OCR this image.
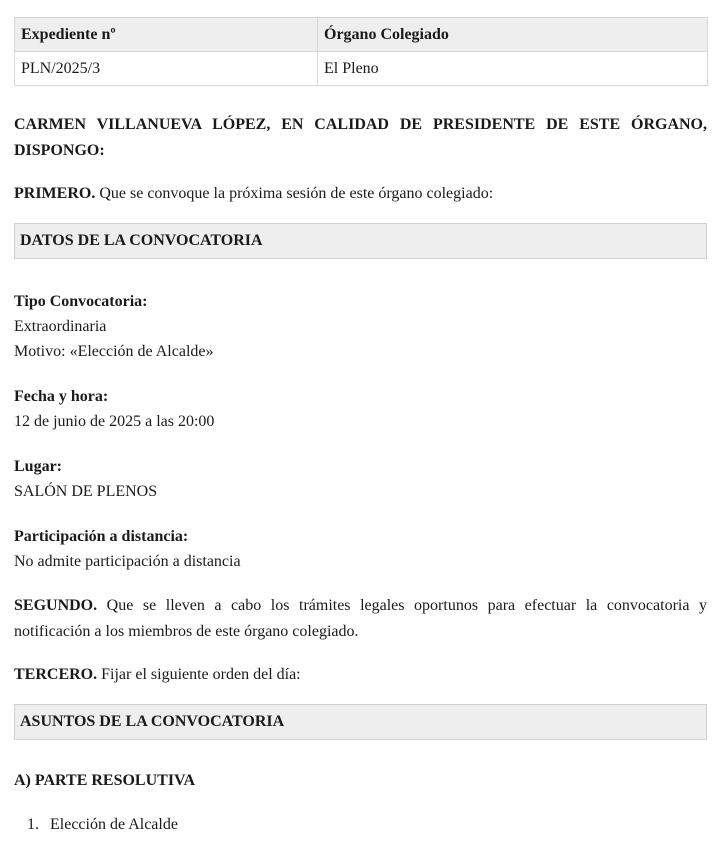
Expediente nº	Órgano Colegiado
PLN/2025/3	El Pleno

CARMEN VILLANUEVA LÓPEZ, EN CALIDAD DE PRESIDENTE DE ESTE ÓRGANO, DISPONGO:

PRIMERO. Que se convoque la próxima sesión de este órgano colegiado:

DATOS DE LA CONVOCATORIA
Tipo Convocatoria:
Extraordinaria
Motivo: «Elección de Alcalde»
Fecha y hora:
12 de junio de 2025 a las 20:00
Lugar:
SALÓN DE PLENOS
Participación a distancia:
No admite participación a distancia

SEGUNDO. Que se lleven a cabo los trámites legales oportunos para efectuar la convocatoria y notificación a los miembros de este órgano colegiado.

TERCERO. Fijar el siguiente orden del día:

ASUNTOS DE LA CONVOCATORIA

A) PARTE RESOLUTIVA

1. Elección de Alcalde
